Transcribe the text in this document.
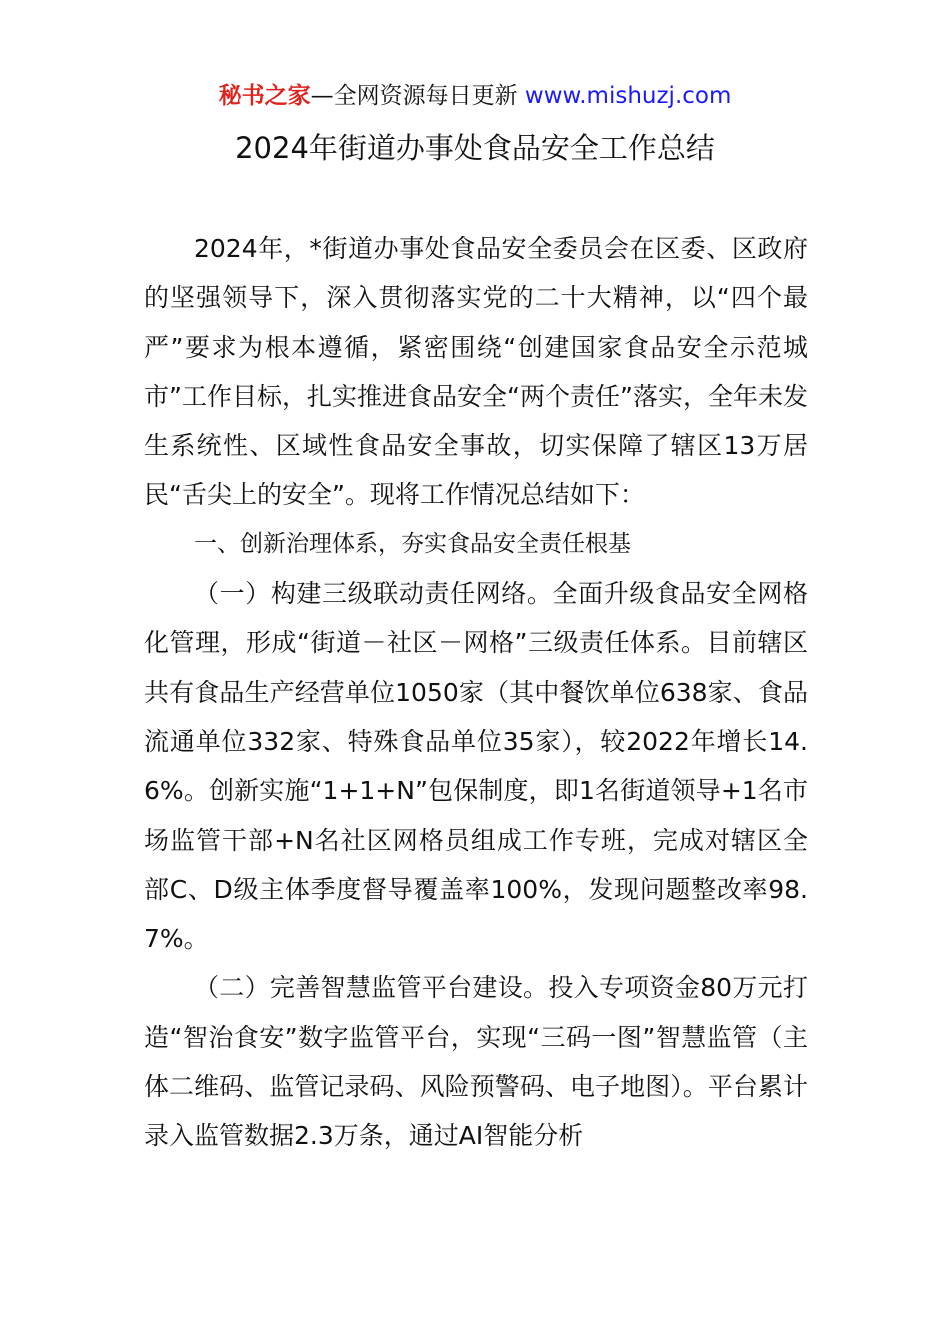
秘书之家—全网资源每日更新 www.mishuzj.com
2024年街道办事处食品安全工作总结

2024年，*街道办事处食品安全委员会在区委、区政府的坚强领导下，深入贯彻落实党的二十大精神，以“四个最严”要求为根本遵循，紧密围绕“创建国家食品安全示范城市”工作目标，扎实推进食品安全“两个责任”落实，全年未发生系统性、区域性食品安全事故，切实保障了辖区13万居民“舌尖上的安全”。现将工作情况总结如下：

一、创新治理体系，夯实食品安全责任根基

（一）构建三级联动责任网络。全面升级食品安全网格化管理，形成“街道－社区－网格”三级责任体系。目前辖区共有食品生产经营单位1050家（其中餐饮单位638家、食品流通单位332家、特殊食品单位35家），较2022年增长14.6%。创新实施“1+1+N”包保制度，即1名街道领导+1名市场监管干部+N名社区网格员组成工作专班，完成对辖区全部C、D级主体季度督导覆盖率100%，发现问题整改率98.7%。

（二）完善智慧监管平台建设。投入专项资金80万元打造“智治食安”数字监管平台，实现“三码一图”智慧监管（主体二维码、监管记录码、风险预警码、电子地图）。平台累计录入监管数据2.3万条，通过AI智能分析
